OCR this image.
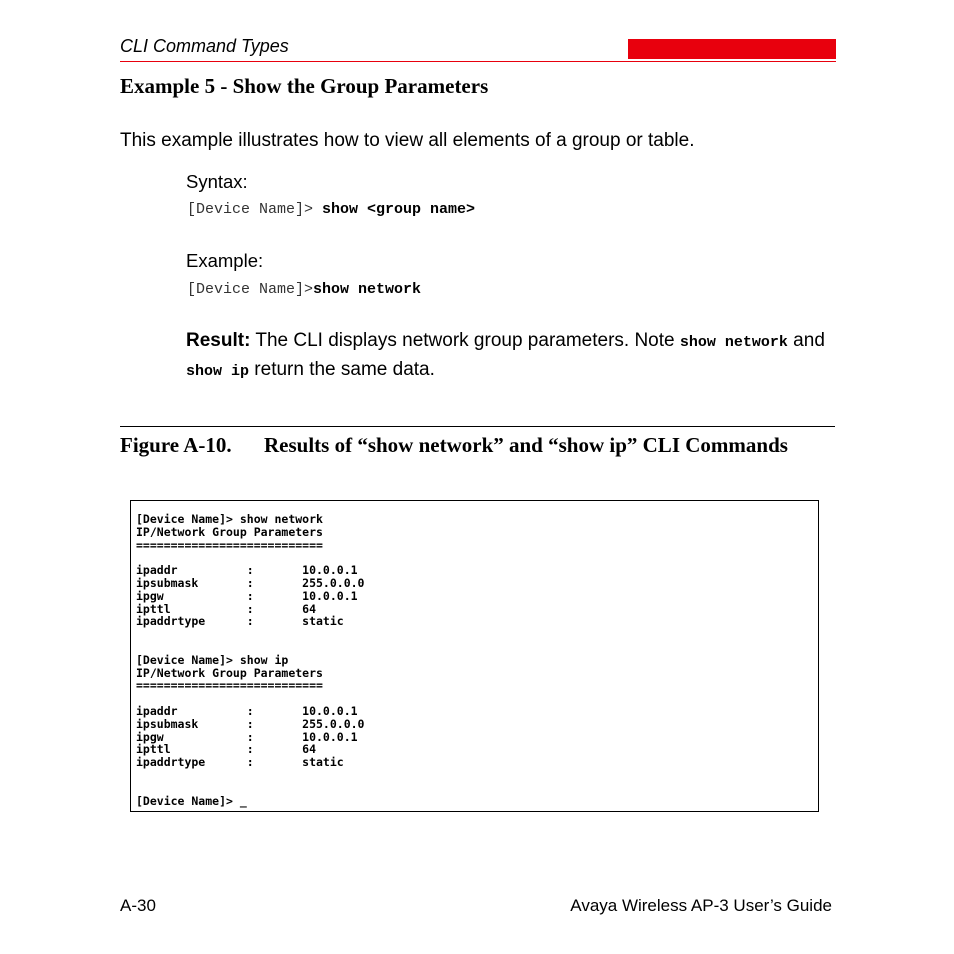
CLI Command Types
Example 5 - Show the Group Parameters
This example illustrates how to view all elements of a group or table.
Syntax:
[Device Name]> show <group name>
Example:
[Device Name]>show network
Result: The CLI displays network group parameters. Note show network and show ip return the same data.
Figure A-10. Results of “show network” and “show ip” CLI Commands
[Device Name]> show network
IP/Network Group Parameters
===========================

ipaddr          :       10.0.0.1
ipsubmask       :       255.0.0.0
ipgw            :       10.0.0.1
ipttl           :       64
ipaddrtype      :       static

[Device Name]> show ip
IP/Network Group Parameters
===========================

ipaddr          :       10.0.0.1
ipsubmask       :       255.0.0.0
ipgw            :       10.0.0.1
ipttl           :       64
ipaddrtype      :       static

[Device Name]> _

A-30	Avaya Wireless AP-3 User’s Guide
